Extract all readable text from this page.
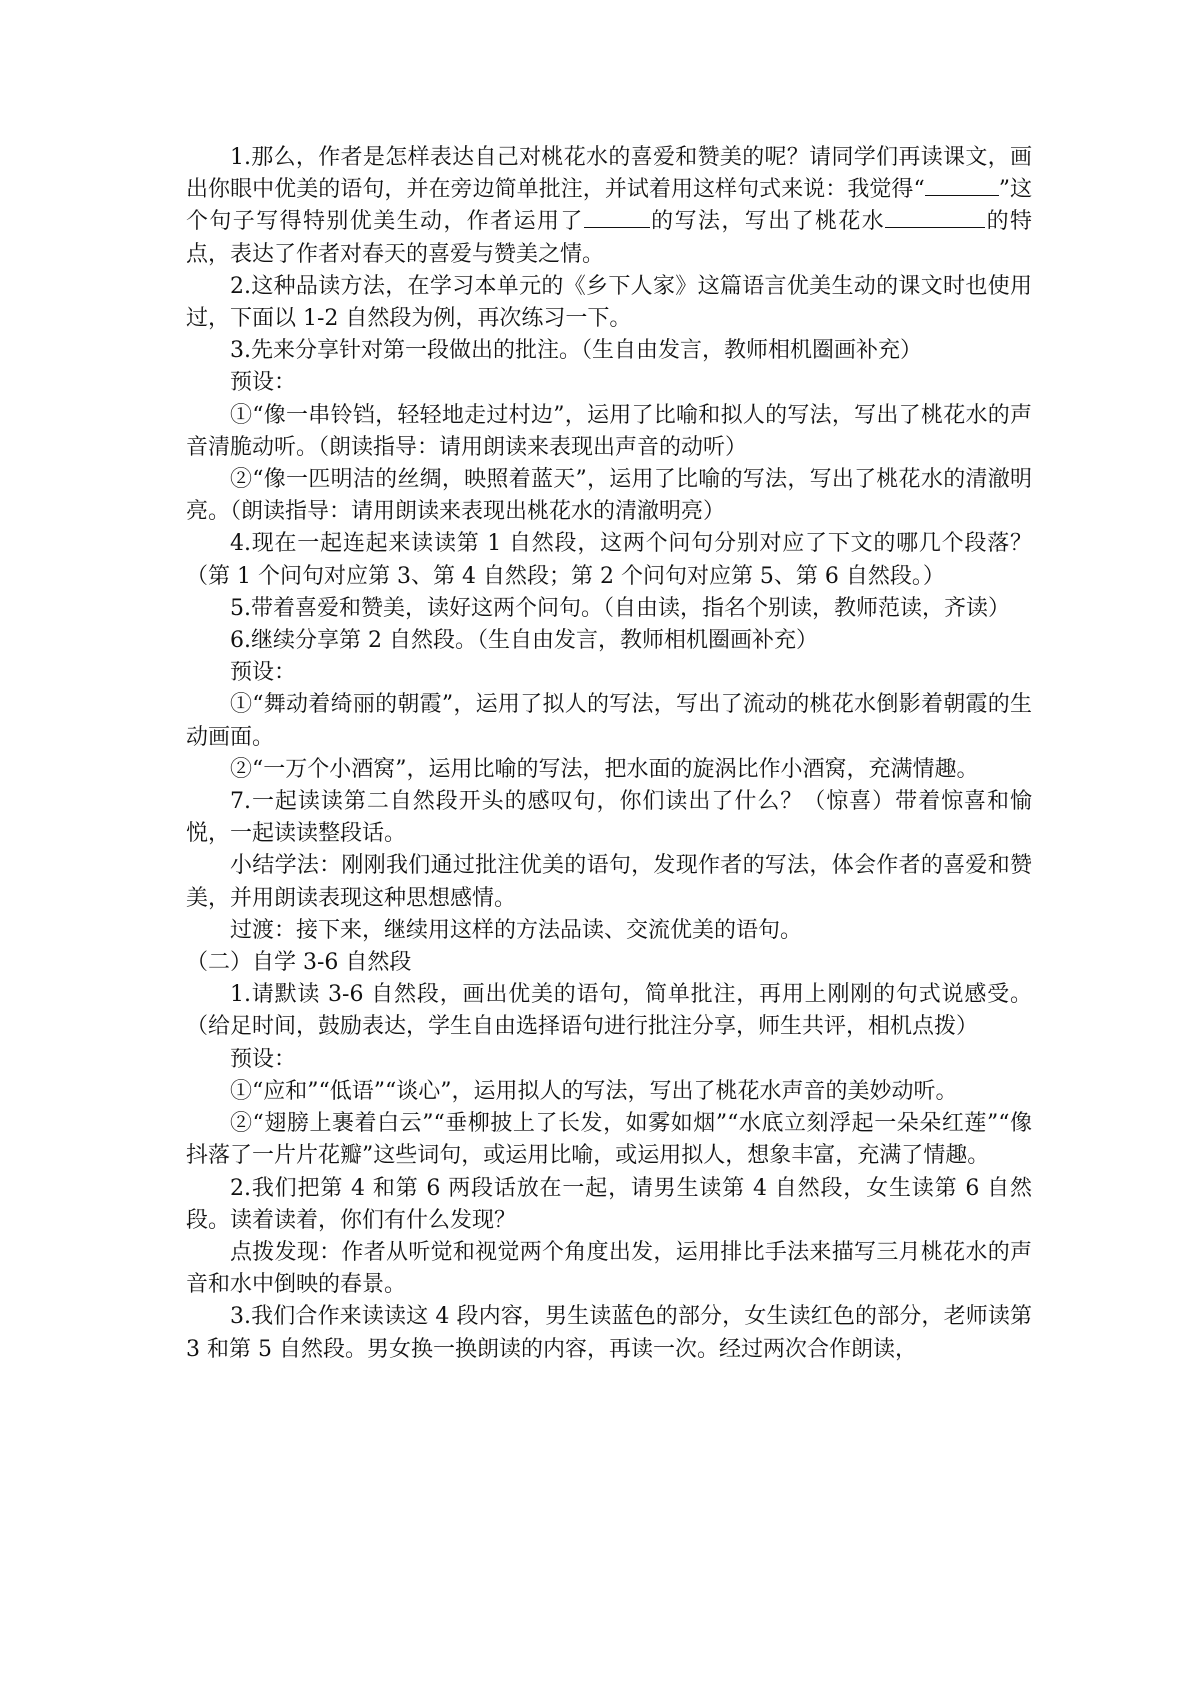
1.那么，作者是怎样表达自己对桃花水的喜爱和赞美的呢？请同学们再读课文，画出你眼中优美的语句，并在旁边简单批注，并试着用这样句式来说：我觉得“	”这个句子写得特别优美生动，作者运用了	的写法，写出了桃花水	的特点，表达了作者对春天的喜爱与赞美之情。

2.这种品读方法，在学习本单元的《乡下人家》这篇语言优美生动的课文时也使用过，下面以 1-2 自然段为例，再次练习一下。

3.先来分享针对第一段做出的批注。（生自由发言，教师相机圈画补充）

预设：

①“像一串铃铛，轻轻地走过村边”，运用了比喻和拟人的写法，写出了桃花水的声音清脆动听。（朗读指导：请用朗读来表现出声音的动听）

②“像一匹明洁的丝绸，映照着蓝天”，运用了比喻的写法，写出了桃花水的清澈明亮。（朗读指导：请用朗读来表现出桃花水的清澈明亮）

4.现在一起连起来读读第 1 自然段，这两个问句分别对应了下文的哪几个段落？（第 1 个问句对应第 3、第 4 自然段；第 2 个问句对应第 5、第 6 自然段。）

5.带着喜爱和赞美，读好这两个问句。（自由读，指名个别读，教师范读，齐读）

6.继续分享第 2 自然段。（生自由发言，教师相机圈画补充）

预设：

①“舞动着绮丽的朝霞”，运用了拟人的写法，写出了流动的桃花水倒影着朝霞的生动画面。

②“一万个小酒窝”，运用比喻的写法，把水面的旋涡比作小酒窝，充满情趣。

7.一起读读第二自然段开头的感叹句，你们读出了什么？（惊喜）带着惊喜和愉悦，一起读读整段话。

小结学法：刚刚我们通过批注优美的语句，发现作者的写法，体会作者的喜爱和赞美，并用朗读表现这种思想感情。

过渡：接下来，继续用这样的方法品读、交流优美的语句。

（二）自学 3-6 自然段

1.请默读 3-6 自然段，画出优美的语句，简单批注，再用上刚刚的句式说感受。（给足时间，鼓励表达，学生自由选择语句进行批注分享，师生共评，相机点拨）

预设：

①“应和”“低语”“谈心”，运用拟人的写法，写出了桃花水声音的美妙动听。

②“翅膀上裹着白云”“垂柳披上了长发，如雾如烟”“水底立刻浮起一朵朵红莲”“像抖落了一片片花瓣”这些词句，或运用比喻，或运用拟人，想象丰富，充满了情趣。

2.我们把第 4 和第 6 两段话放在一起，请男生读第 4 自然段，女生读第 6 自然段。读着读着，你们有什么发现？

点拨发现：作者从听觉和视觉两个角度出发，运用排比手法来描写三月桃花水的声音和水中倒映的春景。

3.我们合作来读读这 4 段内容，男生读蓝色的部分，女生读红色的部分，老师读第 3 和第 5 自然段。男女换一换朗读的内容，再读一次。经过两次合作朗读，
